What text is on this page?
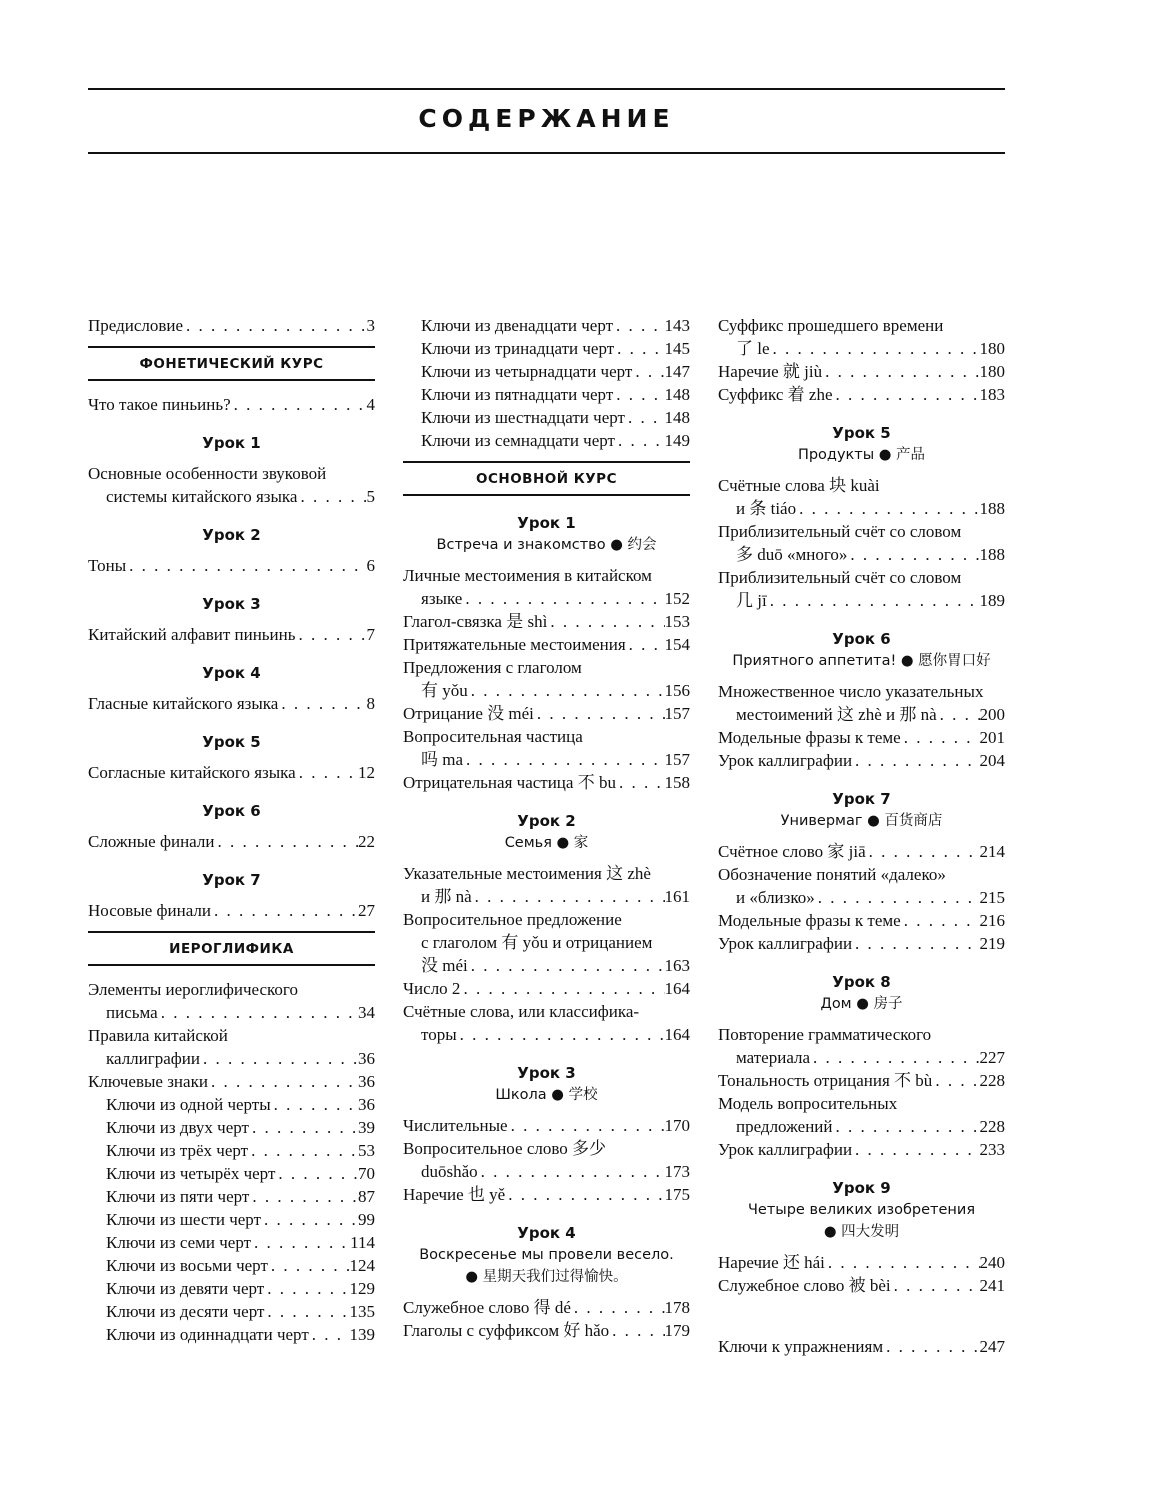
СОДЕРЖАНИЕ
Предисловие . . .	3
ФОНЕТИЧЕСКИЙ КУРС
Что такое пиньинь? . . .	4
Урок 1
Основные особенности звуковой
системы китайского языка . . .	5
Урок 2
Тоны . . .	6
Урок 3
Китайский алфавит пиньинь . . .	7
Урок 4
Гласные китайского языка . . .	8
Урок 5
Согласные китайского языка . . .	12
Урок 6
Сложные финали . . .	22
Урок 7
Носовые финали . . .	27
ИЕРОГЛИФИКА
Элементы иероглифического
письма . . .	34
Правила китайской
каллиграфии . . .	36
Ключевые знаки . . .	36
Ключи из одной черты . . .	36
Ключи из двух черт . . .	39
Ключи из трёх черт . . .	53
Ключи из четырёх черт . . .	70
Ключи из пяти черт . . .	87
Ключи из шести черт . . .	99
Ключи из семи черт . . .	114
Ключи из восьми черт . . .	124
Ключи из девяти черт . . .	129
Ключи из десяти черт . . .	135
Ключи из одиннадцати черт . . . 139
Ключи из двенадцати черт . . .	143
Ключи из тринадцати черт . . .	145
Ключи из четырнадцати черт . . . 147
Ключи из пятнадцати черт . . .	148
Ключи из шестнадцати черт . . . 148
Ключи из семнадцати черт . . .	149
ОСНОВНОЙ КУРС
Урок 1
Встреча и знакомство ● 约会
Личные местоимения в китайском
языке . . .	152
Глагол-связка 是 shì . . .	153
Притяжательные местоимения . . . 154
Предложения с глаголом
有 yǒu . . .	156
Отрицание 没 méi . . .	157
Вопросительная частица
吗 ma . . .	157
Отрицательная частица 不 bu . . .	158
Урок 2
Семья ● 家
Указательные местоимения 这 zhè
и 那 nà . . .	161
Вопросительное предложение
с глаголом 有 yǒu и отрицанием
没 méi . . .	163
Число 2 . . .	164
Счётные слова, или классифика-
торы . . .	164
Урок 3
Школа ● 学校
Числительные . . .	170
Вопросительное слово 多少
duōshǎo . . .	173
Наречие 也 yě . . .	175
Урок 4
Воскресенье мы провели весело.
● 星期天我们过得愉快。
Служебное слово 得 dé . . .	178
Глаголы с суффиксом 好 hǎo . . .	179
Суффикс прошедшего времени
了 le . . .	180
Наречие 就 jiù . . .	180
Суффикс 着 zhe . . .	183
Урок 5
Продукты ● 产品
Счётные слова 块 kuài
и 条 tiáo . . .	188
Приблизительный счёт со словом
多 duō «много» . . .	188
Приблизительный счёт со словом
几 jī . . .	189
Урок 6
Приятного аппетита! ● 愿你胃口好
Множественное число указательных
местоимений 这 zhè и 那 nà . . .	200
Модельные фразы к теме . . .	201
Урок каллиграфии . . .	204
Урок 7
Универмаг ● 百货商店
Счётное слово 家 jiā . . .	214
Обозначение понятий «далеко»
и «близко» . . .	215
Модельные фразы к теме . . .	216
Урок каллиграфии . . .	219
Урок 8
Дом ● 房子
Повторение грамматического
материала . . .	227
Тональность отрицания 不 bù . . .	228
Модель вопросительных
предложений . . .	228
Урок каллиграфии . . .	233
Урок 9
Четыре великих изобретения
● 四大发明
Наречие 还 hái . . .	240
Служебное слово 被 bèi . . .	241
Ключи к упражнениям . . .	247
